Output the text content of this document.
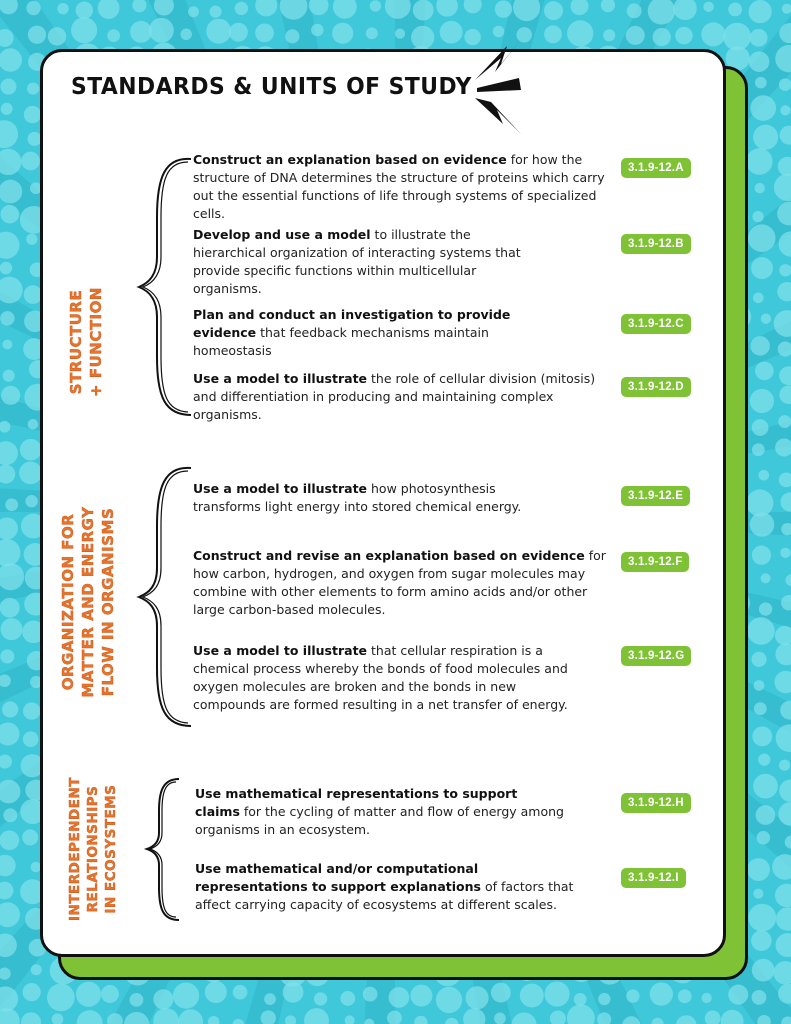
STANDARDS & UNITS OF STUDY
STRUCTURE + FUNCTION
Construct an explanation based on evidence for how the structure of DNA determines the structure of proteins which carry out the essential functions of life through systems of specialized cells.
3.1.9-12.A
Develop and use a model to illustrate the hierarchical organization of interacting systems that provide specific functions within multicellular organisms.
3.1.9-12.B
Plan and conduct an investigation to provide evidence that feedback mechanisms maintain homeostasis
3.1.9-12.C
Use a model to illustrate the role of cellular division (mitosis) and differentiation in producing and maintaining complex organisms.
3.1.9-12.D
ORGANIZATION FOR MATTER AND ENERGY FLOW IN ORGANISMS
Use a model to illustrate how photosynthesis transforms light energy into stored chemical energy.
3.1.9-12.E
Construct and revise an explanation based on evidence for how carbon, hydrogen, and oxygen from sugar molecules may combine with other elements to form amino acids and/or other large carbon-based molecules.
3.1.9-12.F
Use a model to illustrate that cellular respiration is a chemical process whereby the bonds of food molecules and oxygen molecules are broken and the bonds in new compounds are formed resulting in a net transfer of energy.
3.1.9-12.G
INTERDEPENDENT RELATIONSHIPS IN ECOSYSTEMS	Use mathematical representations to support claims for the cycling of matter and flow of energy among organisms in an ecosystem.
3.1.9-12.H
Use mathematical and/or computational representations to support explanations of factors that affect carrying capacity of ecosystems at different scales.
3.1.9-12.I
